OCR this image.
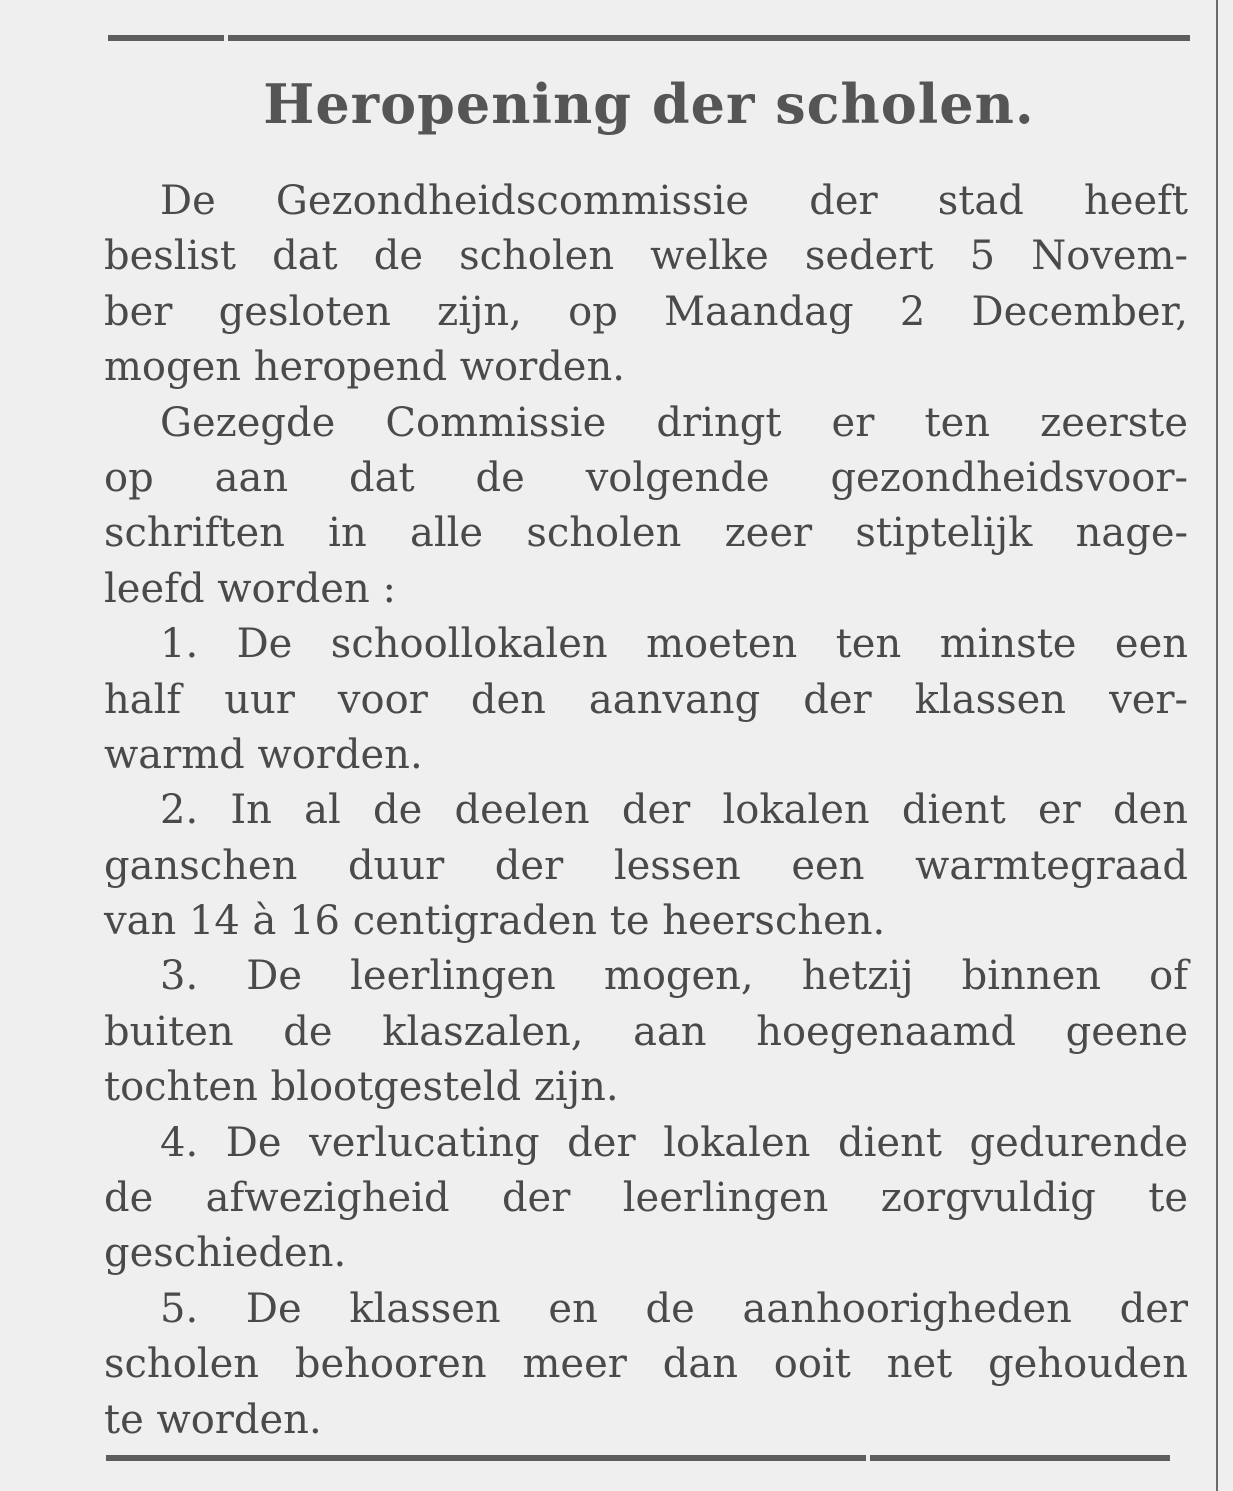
Heropening der scholen.
De Gezondheidscommissie der stad heeft
beslist dat de scholen welke sedert 5 Novem-
ber gesloten zijn, op Maandag 2 December,
mogen heropend worden.
Gezegde Commissie dringt er ten zeerste
op aan dat de volgende gezondheidsvoor-
schriften in alle scholen zeer stiptelijk nage-
leefd worden :
1. De schoollokalen moeten ten minste een
half uur voor den aanvang der klassen ver-
warmd worden.
2. In al de deelen der lokalen dient er den
ganschen duur der lessen een warmtegraad
van 14 à 16 centigraden te heerschen.
3. De leerlingen mogen, hetzij binnen of
buiten de klaszalen, aan hoegenaamd geene
tochten blootgesteld zijn.
4. De verlucating der lokalen dient gedurende
de afwezigheid der leerlingen zorgvuldig te
geschieden.
5. De klassen en de aanhoorigheden der
scholen behooren meer dan ooit net gehouden
te worden.
